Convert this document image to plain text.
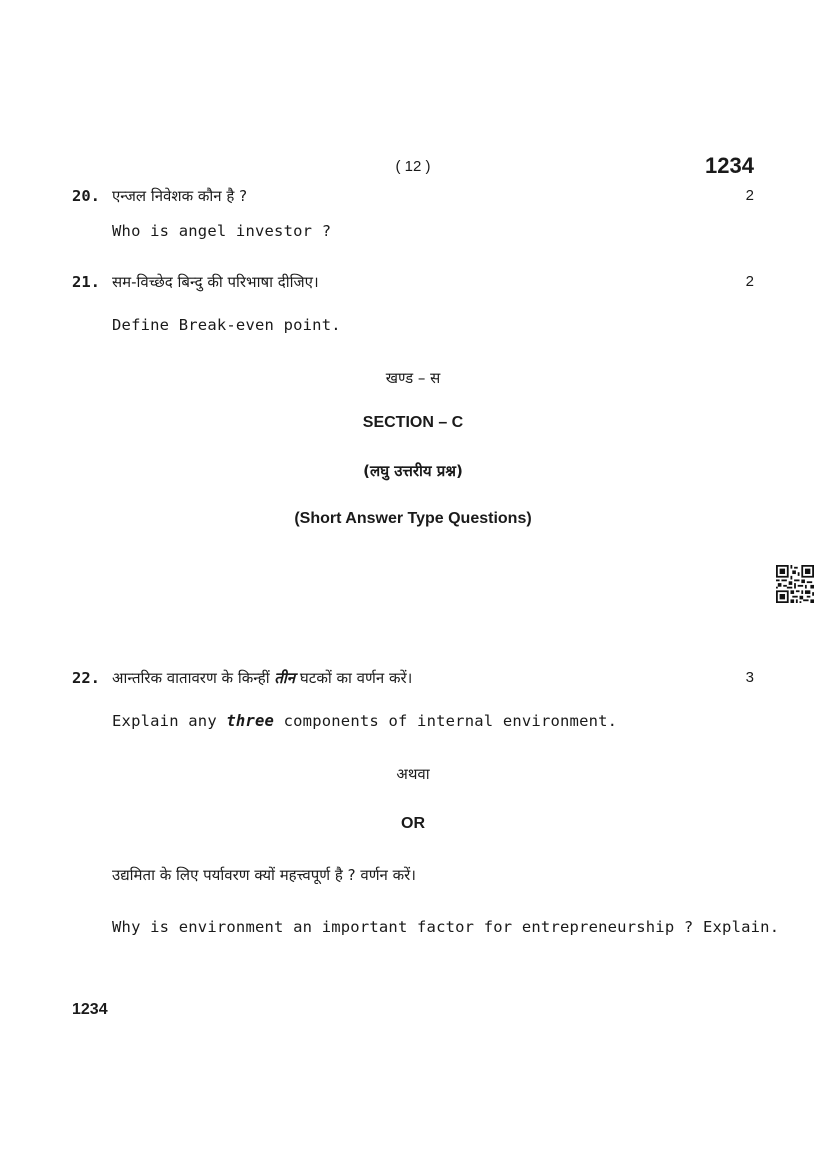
( 12 )	1234
20. एन्जल निवेशक कौन है ?	2
Who is angel investor ?
21. सम-विच्छेद बिन्दु की परिभाषा दीजिए।	2
Define Break-even point.
खण्ड – स
SECTION – C
(लघु उत्तरीय प्रश्न)
(Short Answer Type Questions)
22. आन्तरिक वातावरण के किन्हीं तीन घटकों का वर्णन करें।	3
Explain any three components of internal environment.
अथवा
OR
उद्यमिता के लिए पर्यावरण क्यों महत्त्वपूर्ण है ? वर्णन करें।
Why is environment an important factor for entrepreneurship ? Explain.
1234
